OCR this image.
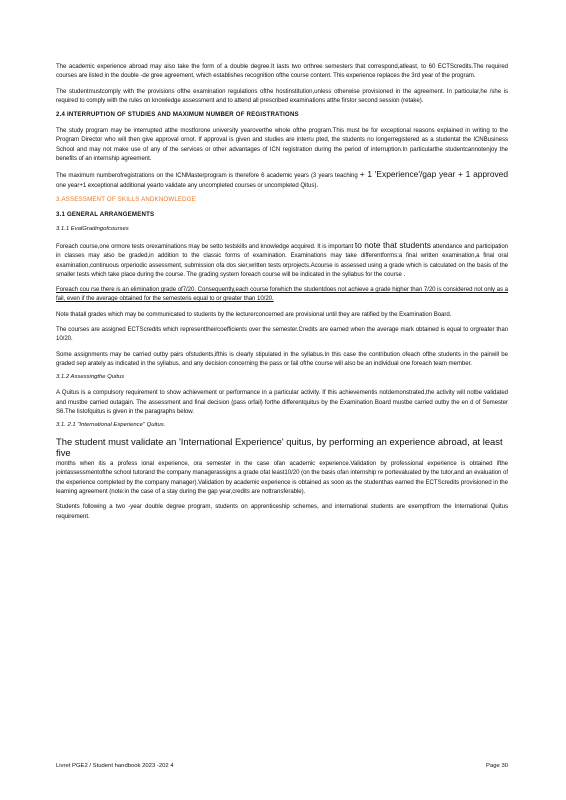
The academic experience abroad may also take the form of a double degree.It lasts two orthree semesters that correspond,atleast, to 60 ECTScredits.The required courses are listed in the double -de gree agreement, which establishes recognition ofthe course content. This experience replaces the 3rd year of the program.

The studentmustcomply with the provisions ofthe examination regulations ofthe hostinstitution,unless otherwise provisioned in the agreement. In particular,he /she is required to comply with the rules on knowledge assessment and to attend all prescribed examinations atthe firstor second session (retake).

2.4 INTERRUPTION OF STUDIES AND MAXIMUM NUMBER OF REGISTRATIONS

The study program may be interrupted atthe mostforone university yearoverthe whole ofthe program.This must be for exceptional reasons explained in writing to the Program Director who will then give approval ornot. If approval is given and studies are interru pted, the students no longerregistered as a studentat the ICNBusiness School and may not make use of any of the services or other advantages of ICN registration during the period of interruption.In particularthe studentcannotenjoy the benefits of an internship agreement.

The maximum numberofregistrations on the ICNMasterprogram is therefore 6 academic years (3 years teaching + 1 'Experience'/gap year + 1 approved one year+1 exceptional additional yearto validate any uncompleted courses or uncompleted Qitus).

3.ASSESSMENT OF SKILLS ANDKNOWLEDGE
3.1 GENERAL ARRANGEMENTS
3.1.1 EvalGradingofcourses

Foreach course,one ormore tests orexaminations may be setto testskills and knowledge acquired. It is important to note that students attendance and participation in classes may also be graded,in addition to the classic forms of examination. Examinations may take differentforms:a final written examination,a final oral examination,continuous orperiodic assessment, submission ofa dos sier,written tests orprojects.Acourse is assessed using a grade which is calculated on the basis of the smaller tests which take place during the course. The grading system foreach course will be indicated in the syllabus for the course .

Foreach cou rse there is an elimination grade of7/20. Consequently,each course forwhich the studentdoes not achieve a grade higher than 7/20 is considered not only as a fail, even if the average obtained for the semesteris equal to or greater than 10/20.

Note thatall grades which may be communicated to students by the lecturerconcerned are provisional until they are ratified by the Examination Board.

The courses are assigned ECTScredits which representtheircoefficients over the semester.Credits are earned when the average mark obtained is equal to orgreater than 10/20.

Some assignments may be carried outby pairs ofstudents,ifthis is clearly stipulated in the syllabus.In this case the contribution ofeach ofthe students in the pairwill be graded sep arately as indicated in the syllabus, and any decision concerning the pass or fail ofthe course will also be an individual one foreach team member.

3.1.2 Assessingthe Quitus

A Quitus is a compulsory requirement to show achievement or performance in a particular activity. If this achievementis notdemonstrated,the activity will notbe validated and mustbe carried outagain. The assessment and final decision (pass orfail) forthe differentquitus by the Examination Board mustbe carried outby the en d of Semester S6.The listofquitus is given in the paragraphs below.

3.1. 2.1 "International Experience" Quitus.

The student must validate an 'International Experience' quitus, by performing an experience abroad, at least five

months when itis a profess ional experience, ora semester in the case ofan academic experience.Validation by professional experience is obtained ifthe jointassessmentofthe school tutorand the company managerassigns a grade ofat least10/20 (on the basis ofan internship re portevaluated by the tutor,and an evaluation of the experience completed by the company manager).Validation by academic experience is obtained as soon as the studenthas earned the ECTScredits provisioned in the learning agreement (note:in the case of a stay during the gap year,credits are nottransferable).

Students following a two -year double degree program, students on apprenticeship schemes, and international students are exemptfrom the International Quitus requirement.

Livret PGE2 / Student handbook 2023 -202 4	Page 30
